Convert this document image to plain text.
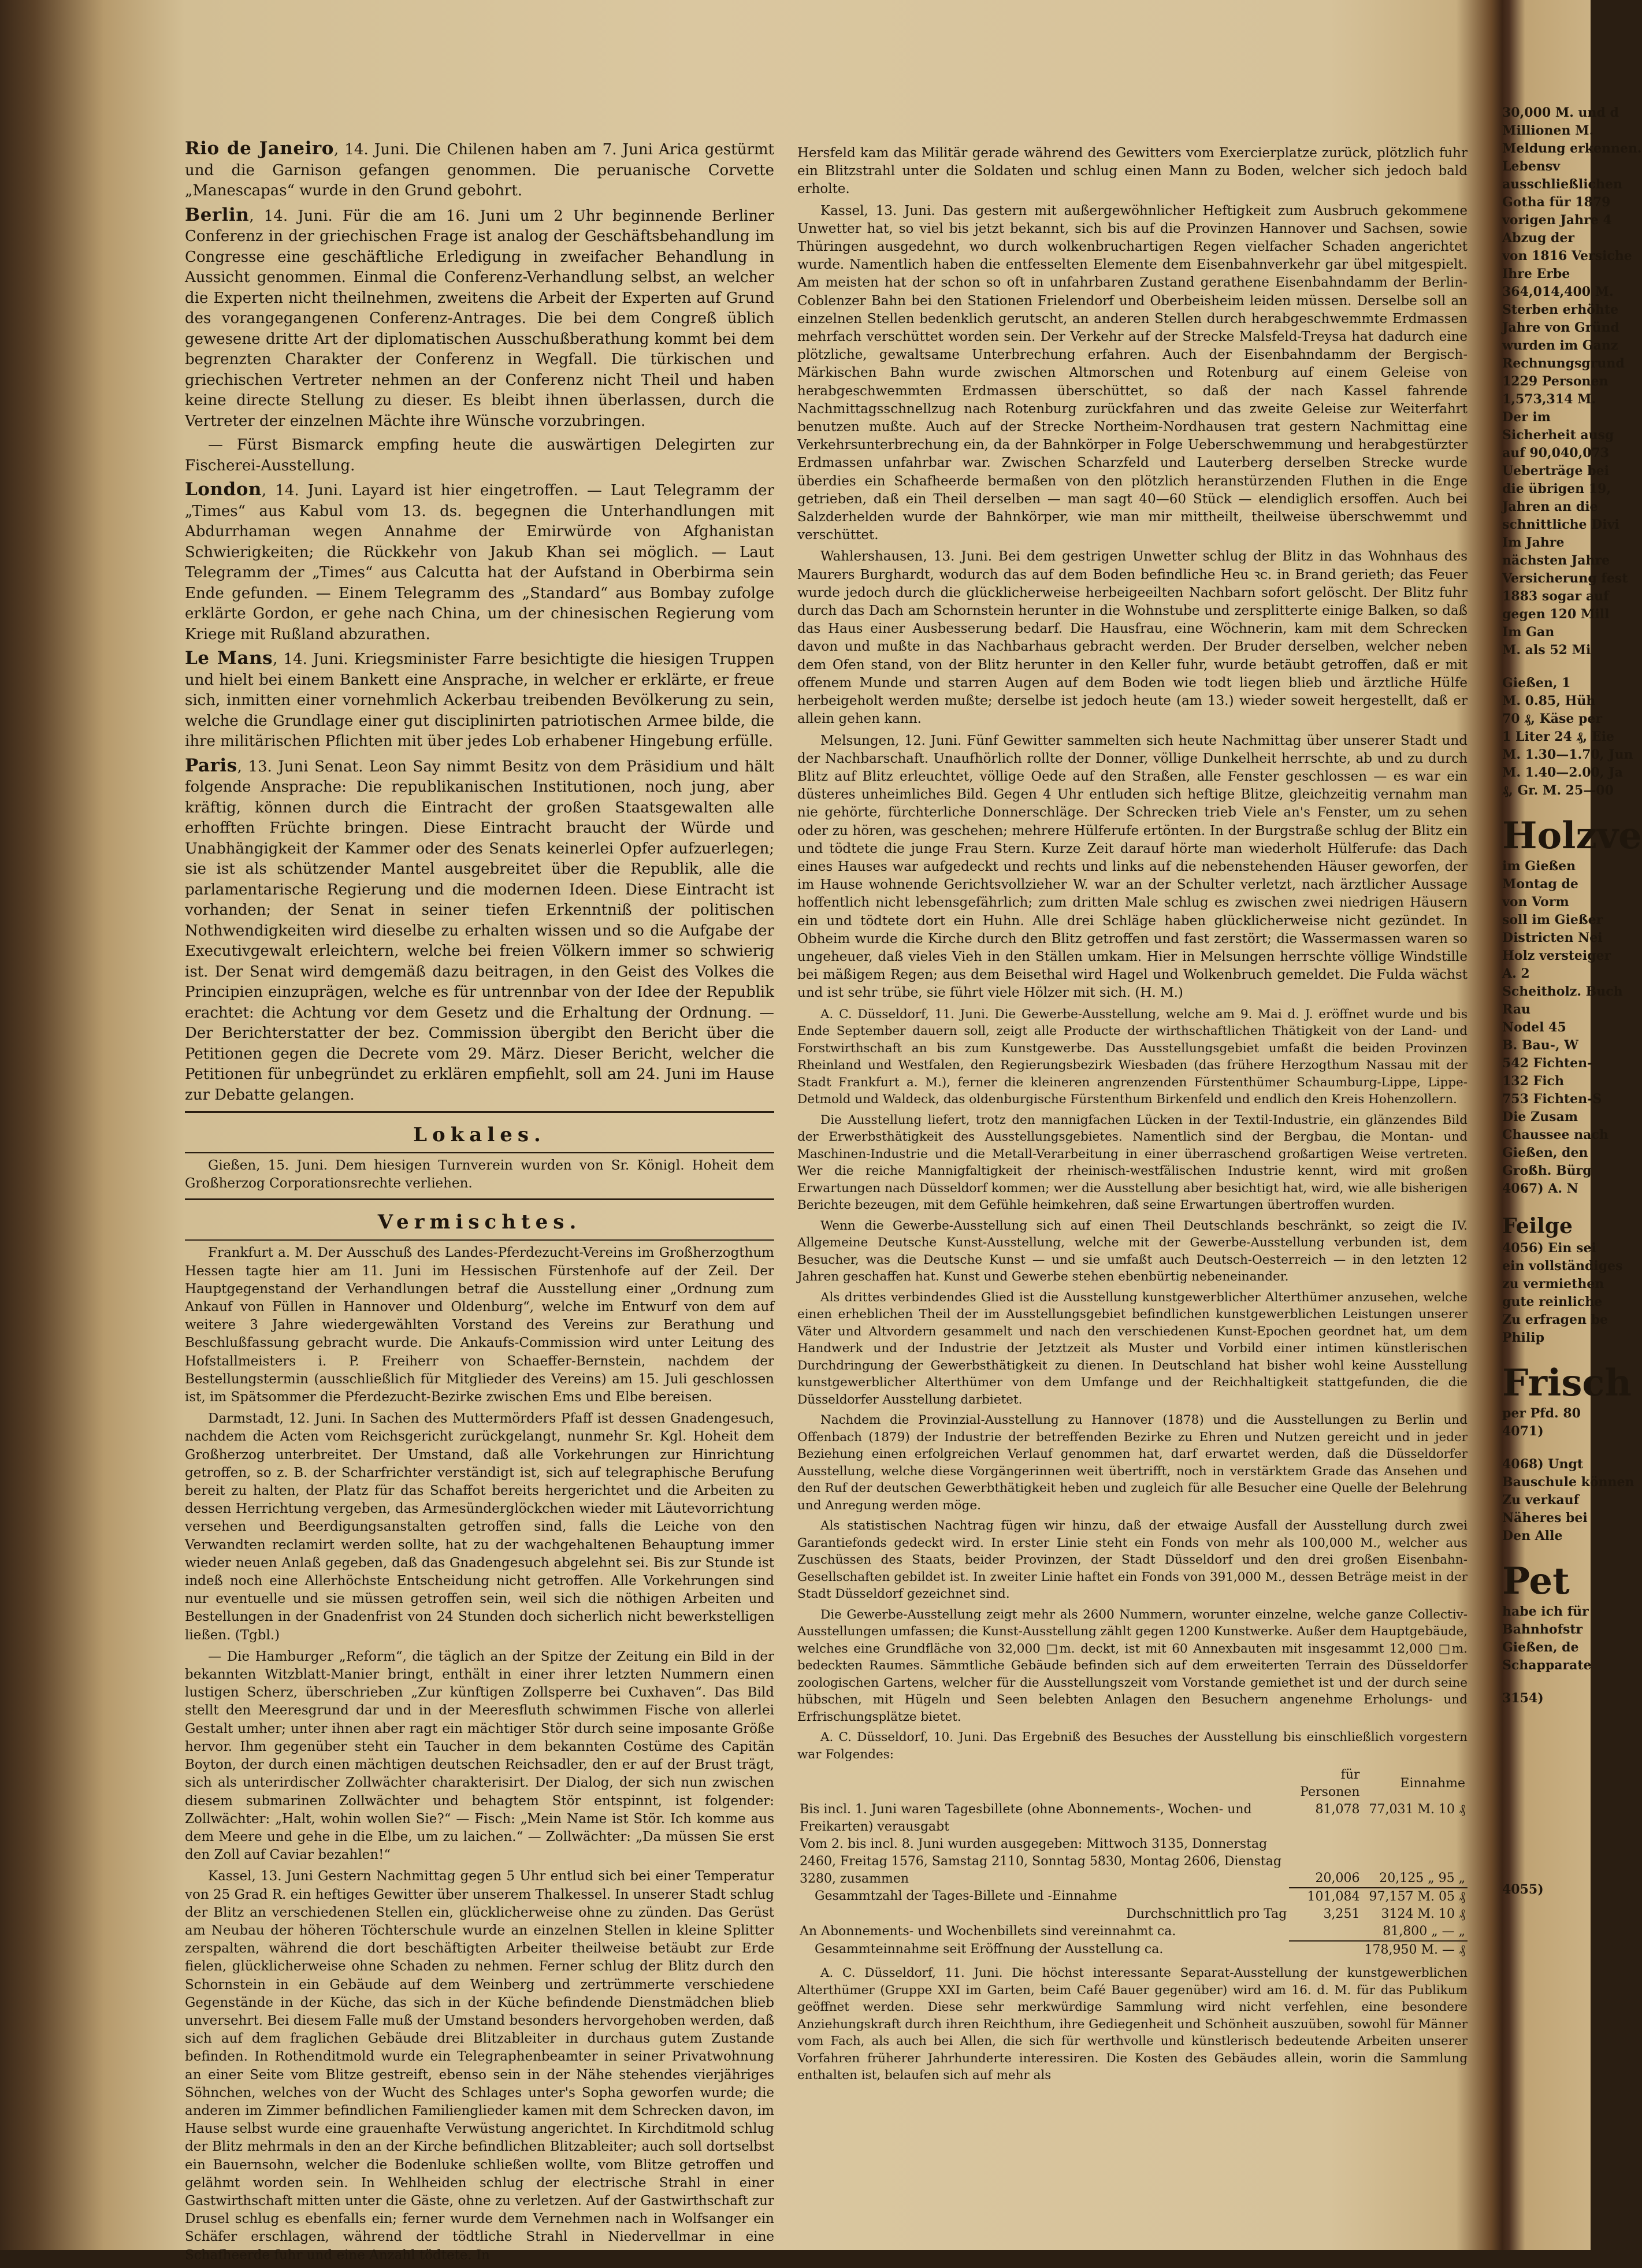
Rio de Janeiro, 14. Juni. Die Chilenen haben am 7. Juni Arica gestürmt und die Garnison gefangen genommen. Die peruanische Corvette „Manescapas“ wurde in den Grund gebohrt.

Berlin, 14. Juni. Für die am 16. Juni um 2 Uhr beginnende Berliner Conferenz in der griechischen Frage ist analog der Geschäftsbehandlung im Congresse eine geschäftliche Erledigung in zweifacher Behandlung in Aussicht genommen. Einmal die Conferenz-Verhandlung selbst, an welcher die Experten nicht theilnehmen, zweitens die Arbeit der Experten auf Grund des vorangegangenen Conferenz-Antrages. Die bei dem Congreß üblich gewesene dritte Art der diplomatischen Ausschußberathung kommt bei dem begrenzten Charakter der Conferenz in Wegfall. Die türkischen und griechischen Vertreter nehmen an der Conferenz nicht Theil und haben keine directe Stellung zu dieser. Es bleibt ihnen überlassen, durch die Vertreter der einzelnen Mächte ihre Wünsche vorzubringen.

— Fürst Bismarck empfing heute die auswärtigen Delegirten zur Fischerei-Ausstellung.

London, 14. Juni. Layard ist hier eingetroffen. — Laut Telegramm der „Times“ aus Kabul vom 13. ds. begegnen die Unterhandlungen mit Abdurrhaman wegen Annahme der Emirwürde von Afghanistan Schwierigkeiten; die Rückkehr von Jakub Khan sei möglich. — Laut Telegramm der „Times“ aus Calcutta hat der Aufstand in Oberbirma sein Ende gefunden. — Einem Telegramm des „Standard“ aus Bombay zufolge erklärte Gordon, er gehe nach China, um der chinesischen Regierung vom Kriege mit Rußland abzurathen.

Le Mans, 14. Juni. Kriegsminister Farre besichtigte die hiesigen Truppen und hielt bei einem Bankett eine Ansprache, in welcher er erklärte, er freue sich, inmitten einer vornehmlich Ackerbau treibenden Bevölkerung zu sein, welche die Grundlage einer gut disciplinirten patriotischen Armee bilde, die ihre militärischen Pflichten mit über jedes Lob erhabener Hingebung erfülle.

Paris, 13. Juni Senat. Leon Say nimmt Besitz von dem Präsidium und hält folgende Ansprache: Die republikanischen Institutionen, noch jung, aber kräftig, können durch die Eintracht der großen Staatsgewalten alle erhofften Früchte bringen. Diese Eintracht braucht der Würde und Unabhängigkeit der Kammer oder des Senats keinerlei Opfer aufzuerlegen; sie ist als schützender Mantel ausgebreitet über die Republik, alle die parlamentarische Regierung und die modernen Ideen. Diese Eintracht ist vorhanden; der Senat in seiner tiefen Erkenntniß der politischen Nothwendigkeiten wird dieselbe zu erhalten wissen und so die Aufgabe der Executivgewalt erleichtern, welche bei freien Völkern immer so schwierig ist. Der Senat wird demgemäß dazu beitragen, in den Geist des Volkes die Principien einzuprägen, welche es für untrennbar von der Idee der Republik erachtet: die Achtung vor dem Gesetz und die Erhaltung der Ordnung. — Der Berichterstatter der bez. Commission übergibt den Bericht über die Petitionen gegen die Decrete vom 29. März. Dieser Bericht, welcher die Petitionen für unbegründet zu erklären empfiehlt, soll am 24. Juni im Hause zur Debatte gelangen.

Lokales.

Gießen, 15. Juni. Dem hiesigen Turnverein wurden von Sr. Königl. Hoheit dem Großherzog Corporationsrechte verliehen.

Vermischtes.

Frankfurt a. M. Der Ausschuß des Landes-Pferdezucht-Vereins im Großherzogthum Hessen tagte hier am 11. Juni im Hessischen Fürstenhofe auf der Zeil. Der Hauptgegenstand der Verhandlungen betraf die Ausstellung einer „Ordnung zum Ankauf von Füllen in Hannover und Oldenburg“, welche im Entwurf von dem auf weitere 3 Jahre wiedergewählten Vorstand des Vereins zur Berathung und Beschlußfassung gebracht wurde. Die Ankaufs-Commission wird unter Leitung des Hofstallmeisters i. P. Freiherr von Schaeffer-Bernstein, nachdem der Bestellungstermin (ausschließlich für Mitglieder des Vereins) am 15. Juli geschlossen ist, im Spätsommer die Pferdezucht-Bezirke zwischen Ems und Elbe bereisen.

Darmstadt, 12. Juni. In Sachen des Muttermörders Pfaff ist dessen Gnadengesuch, nachdem die Acten vom Reichsgericht zurückgelangt, nunmehr Sr. Kgl. Hoheit dem Großherzog unterbreitet. Der Umstand, daß alle Vorkehrungen zur Hinrichtung getroffen, so z. B. der Scharfrichter verständigt ist, sich auf telegraphische Berufung bereit zu halten, der Platz für das Schaffot bereits hergerichtet und die Arbeiten zu dessen Herrichtung vergeben, das Armesünderglöckchen wieder mit Läutevorrichtung versehen und Beerdigungsanstalten getroffen sind, falls die Leiche von den Verwandten reclamirt werden sollte, hat zu der wachgehaltenen Behauptung immer wieder neuen Anlaß gegeben, daß das Gnadengesuch abgelehnt sei. Bis zur Stunde ist indeß noch eine Allerhöchste Entscheidung nicht getroffen. Alle Vorkehrungen sind nur eventuelle und sie müssen getroffen sein, weil sich die nöthigen Arbeiten und Bestellungen in der Gnadenfrist von 24 Stunden doch sicherlich nicht bewerkstelligen ließen. (Tgbl.)

— Die Hamburger „Reform“, die täglich an der Spitze der Zeitung ein Bild in der bekannten Witzblatt-Manier bringt, enthält in einer ihrer letzten Nummern einen lustigen Scherz, überschrieben „Zur künftigen Zollsperre bei Cuxhaven“. Das Bild stellt den Meeresgrund dar und in der Meeresfluth schwimmen Fische von allerlei Gestalt umher; unter ihnen aber ragt ein mächtiger Stör durch seine imposante Größe hervor. Ihm gegenüber steht ein Taucher in dem bekannten Costüme des Capitän Boyton, der durch einen mächtigen deutschen Reichsadler, den er auf der Brust trägt, sich als unterirdischer Zollwächter charakterisirt. Der Dialog, der sich nun zwischen diesem submarinen Zollwächter und behagtem Stör entspinnt, ist folgender: Zollwächter: „Halt, wohin wollen Sie?“ — Fisch: „Mein Name ist Stör. Ich komme aus dem Meere und gehe in die Elbe, um zu laichen.“ — Zollwächter: „Da müssen Sie erst den Zoll auf Caviar bezahlen!“

Kassel, 13. Juni Gestern Nachmittag gegen 5 Uhr entlud sich bei einer Temperatur von 25 Grad R. ein heftiges Gewitter über unserem Thalkessel. In unserer Stadt schlug der Blitz an verschiedenen Stellen ein, glücklicherweise ohne zu zünden. Das Gerüst am Neubau der höheren Töchterschule wurde an einzelnen Stellen in kleine Splitter zerspalten, während die dort beschäftigten Arbeiter theilweise betäubt zur Erde fielen, glücklicherweise ohne Schaden zu nehmen. Ferner schlug der Blitz durch den Schornstein in ein Gebäude auf dem Weinberg und zertrümmerte verschiedene Gegenstände in der Küche, das sich in der Küche befindende Dienstmädchen blieb unversehrt. Bei diesem Falle muß der Umstand besonders hervorgehoben werden, daß sich auf dem fraglichen Gebäude drei Blitzableiter in durchaus gutem Zustande befinden. In Rothenditmold wurde ein Telegraphenbeamter in seiner Privatwohnung an einer Seite vom Blitze gestreift, ebenso sein in der Nähe stehendes vierjähriges Söhnchen, welches von der Wucht des Schlages unter's Sopha geworfen wurde; die anderen im Zimmer befindlichen Familienglieder kamen mit dem Schrecken davon, im Hause selbst wurde eine grauenhafte Verwüstung angerichtet. In Kirchditmold schlug der Blitz mehrmals in den an der Kirche befindlichen Blitzableiter; auch soll dortselbst ein Bauernsohn, welcher die Bodenluke schließen wollte, vom Blitze getroffen und gelähmt worden sein. In Wehlheiden schlug der electrische Strahl in einer Gastwirthschaft mitten unter die Gäste, ohne zu verletzen. Auf der Gastwirthschaft zur Drusel schlug es ebenfalls ein; ferner wurde dem Vernehmen nach in Wolfsanger ein Schäfer erschlagen, während der tödtliche Strahl in Niedervellmar in eine Schafheerde fuhr und eine Anzahl tödtete. In

Hersfeld kam das Militär gerade während des Gewitters vom Exercierplatze zurück, plötzlich fuhr ein Blitzstrahl unter die Soldaten und schlug einen Mann zu Boden, welcher sich jedoch bald erholte.

Kassel, 13. Juni. Das gestern mit außergewöhnlicher Heftigkeit zum Ausbruch gekommene Unwetter hat, so viel bis jetzt bekannt, sich bis auf die Provinzen Hannover und Sachsen, sowie Thüringen ausgedehnt, wo durch wolkenbruchartigen Regen vielfacher Schaden angerichtet wurde. Namentlich haben die entfesselten Elemente dem Eisenbahnverkehr gar übel mitgespielt. Am meisten hat der schon so oft in unfahrbaren Zustand gerathene Eisenbahndamm der Berlin-Coblenzer Bahn bei den Stationen Frielendorf und Oberbeisheim leiden müssen. Derselbe soll an einzelnen Stellen bedenklich gerutscht, an anderen Stellen durch herabgeschwemmte Erdmassen mehrfach verschüttet worden sein. Der Verkehr auf der Strecke Malsfeld-Treysa hat dadurch eine plötzliche, gewaltsame Unterbrechung erfahren. Auch der Eisenbahndamm der Bergisch-Märkischen Bahn wurde zwischen Altmorschen und Rotenburg auf einem Geleise von herabgeschwemmten Erdmassen überschüttet, so daß der nach Kassel fahrende Nachmittagsschnellzug nach Rotenburg zurückfahren und das zweite Geleise zur Weiterfahrt benutzen mußte. Auch auf der Strecke Northeim-Nordhausen trat gestern Nachmittag eine Verkehrsunterbrechung ein, da der Bahnkörper in Folge Ueberschwemmung und herabgestürzter Erdmassen unfahrbar war. Zwischen Scharzfeld und Lauterberg derselben Strecke wurde überdies ein Schafheerde bermaßen von den plötzlich heranstürzenden Fluthen in die Enge getrieben, daß ein Theil derselben — man sagt 40—60 Stück — elendiglich ersoffen. Auch bei Salzderhelden wurde der Bahnkörper, wie man mir mittheilt, theilweise überschwemmt und verschüttet.

Wahlershausen, 13. Juni. Bei dem gestrigen Unwetter schlug der Blitz in das Wohnhaus des Maurers Burghardt, wodurch das auf dem Boden befindliche Heu ꝛc. in Brand gerieth; das Feuer wurde jedoch durch die glücklicherweise herbeigeeilten Nachbarn sofort gelöscht. Der Blitz fuhr durch das Dach am Schornstein herunter in die Wohnstube und zersplitterte einige Balken, so daß das Haus einer Ausbesserung bedarf. Die Hausfrau, eine Wöchnerin, kam mit dem Schrecken davon und mußte in das Nachbarhaus gebracht werden. Der Bruder derselben, welcher neben dem Ofen stand, von der Blitz herunter in den Keller fuhr, wurde betäubt getroffen, daß er mit offenem Munde und starren Augen auf dem Boden wie todt liegen blieb und ärztliche Hülfe herbeigeholt werden mußte; derselbe ist jedoch heute (am 13.) wieder soweit hergestellt, daß er allein gehen kann.

Melsungen, 12. Juni. Fünf Gewitter sammelten sich heute Nachmittag über unserer Stadt und der Nachbarschaft. Unaufhörlich rollte der Donner, völlige Dunkelheit herrschte, ab und zu durch Blitz auf Blitz erleuchtet, völlige Oede auf den Straßen, alle Fenster geschlossen — es war ein düsteres unheimliches Bild. Gegen 4 Uhr entluden sich heftige Blitze, gleichzeitig vernahm man nie gehörte, fürchterliche Donnerschläge. Der Schrecken trieb Viele an's Fenster, um zu sehen oder zu hören, was geschehen; mehrere Hülferufe ertönten. In der Burgstraße schlug der Blitz ein und tödtete die junge Frau Stern. Kurze Zeit darauf hörte man wiederholt Hülferufe: das Dach eines Hauses war aufgedeckt und rechts und links auf die nebenstehenden Häuser geworfen, der im Hause wohnende Gerichtsvollzieher W. war an der Schulter verletzt, nach ärztlicher Aussage hoffentlich nicht lebensgefährlich; zum dritten Male schlug es zwischen zwei niedrigen Häusern ein und tödtete dort ein Huhn. Alle drei Schläge haben glücklicherweise nicht gezündet. In Obheim wurde die Kirche durch den Blitz getroffen und fast zerstört; die Wassermassen waren so ungeheuer, daß vieles Vieh in den Ställen umkam. Hier in Melsungen herrschte völlige Windstille bei mäßigem Regen; aus dem Beisethal wird Hagel und Wolkenbruch gemeldet. Die Fulda wächst und ist sehr trübe, sie führt viele Hölzer mit sich. (H. M.)

A. C. Düsseldorf, 11. Juni. Die Gewerbe-Ausstellung, welche am 9. Mai d. J. eröffnet wurde und bis Ende September dauern soll, zeigt alle Producte der wirthschaftlichen Thätigkeit von der Land- und Forstwirthschaft an bis zum Kunstgewerbe. Das Ausstellungsgebiet umfaßt die beiden Provinzen Rheinland und Westfalen, den Regierungsbezirk Wiesbaden (das frühere Herzogthum Nassau mit der Stadt Frankfurt a. M.), ferner die kleineren angrenzenden Fürstenthümer Schaumburg-Lippe, Lippe-Detmold und Waldeck, das oldenburgische Fürstenthum Birkenfeld und endlich den Kreis Hohenzollern.

Die Ausstellung liefert, trotz den mannigfachen Lücken in der Textil-Industrie, ein glänzendes Bild der Erwerbsthätigkeit des Ausstellungsgebietes. Namentlich sind der Bergbau, die Montan- und Maschinen-Industrie und die Metall-Verarbeitung in einer überraschend großartigen Weise vertreten. Wer die reiche Mannigfaltigkeit der rheinisch-westfälischen Industrie kennt, wird mit großen Erwartungen nach Düsseldorf kommen; wer die Ausstellung aber besichtigt hat, wird, wie alle bisherigen Berichte bezeugen, mit dem Gefühle heimkehren, daß seine Erwartungen übertroffen wurden.

Wenn die Gewerbe-Ausstellung sich auf einen Theil Deutschlands beschränkt, so zeigt die IV. Allgemeine Deutsche Kunst-Ausstellung, welche mit der Gewerbe-Ausstellung verbunden ist, dem Besucher, was die Deutsche Kunst — und sie umfaßt auch Deutsch-Oesterreich — in den letzten 12 Jahren geschaffen hat. Kunst und Gewerbe stehen ebenbürtig nebeneinander.

Als drittes verbindendes Glied ist die Ausstellung kunstgewerblicher Alterthümer anzusehen, welche einen erheblichen Theil der im Ausstellungsgebiet befindlichen kunstgewerblichen Leistungen unserer Väter und Altvordern gesammelt und nach den verschiedenen Kunst-Epochen geordnet hat, um dem Handwerk und der Industrie der Jetztzeit als Muster und Vorbild einer intimen künstlerischen Durchdringung der Gewerbsthätigkeit zu dienen. In Deutschland hat bisher wohl keine Ausstellung kunstgewerblicher Alterthümer von dem Umfange und der Reichhaltigkeit stattgefunden, die die Düsseldorfer Ausstellung darbietet.

Nachdem die Provinzial-Ausstellung zu Hannover (1878) und die Ausstellungen zu Berlin und Offenbach (1879) der Industrie der betreffenden Bezirke zu Ehren und Nutzen gereicht und in jeder Beziehung einen erfolgreichen Verlauf genommen hat, darf erwartet werden, daß die Düsseldorfer Ausstellung, welche diese Vorgängerinnen weit übertrifft, noch in verstärktem Grade das Ansehen und den Ruf der deutschen Gewerbthätigkeit heben und zugleich für alle Besucher eine Quelle der Belehrung und Anregung werden möge.

Als statistischen Nachtrag fügen wir hinzu, daß der etwaige Ausfall der Ausstellung durch zwei Garantiefonds gedeckt wird. In erster Linie steht ein Fonds von mehr als 100,000 M., welcher aus Zuschüssen des Staats, beider Provinzen, der Stadt Düsseldorf und den drei großen Eisenbahn-Gesellschaften gebildet ist. In zweiter Linie haftet ein Fonds von 391,000 M., dessen Beträge meist in der Stadt Düsseldorf gezeichnet sind.

Die Gewerbe-Ausstellung zeigt mehr als 2600 Nummern, worunter einzelne, welche ganze Collectiv-Ausstellungen umfassen; die Kunst-Ausstellung zählt gegen 1200 Kunstwerke. Außer dem Hauptgebäude, welches eine Grundfläche von 32,000 □m. deckt, ist mit 60 Annexbauten mit insgesammt 12,000 □m. bedeckten Raumes. Sämmtliche Gebäude befinden sich auf dem erweiterten Terrain des Düsseldorfer zoologischen Gartens, welcher für die Ausstellungszeit vom Vorstande gemiethet ist und der durch seine hübschen, mit Hügeln und Seen belebten Anlagen den Besuchern angenehme Erholungs- und Erfrischungsplätze bietet.

A. C. Düsseldorf, 10. Juni. Das Ergebniß des Besuches der Ausstellung bis einschließlich vorgestern war Folgendes:

	für Personen	Einnahme
Bis incl. 1. Juni waren Tagesbillete (ohne Abonnements-, Wochen- und Freikarten) verausgabt	81,078	77,031 M. 10 ₰
Vom 2. bis incl. 8. Juni wurden ausgegeben: Mittwoch 3135, Donnerstag 2460, Freitag 1576, Samstag 2110, Sonntag 5830, Montag 2606, Dienstag 3280, zusammen	20,006	20,125 „ 95 „
Gesammtzahl der Tages-Billete und -Einnahme	101,084	97,157 M. 05 ₰
Durchschnittlich pro Tag	3,251	3124 M. 10 ₰
An Abonnements- und Wochenbillets sind vereinnahmt ca.		81,800 „ — „
Gesammteinnahme seit Eröffnung der Ausstellung ca.		178,950 M. — ₰

A. C. Düsseldorf, 11. Juni. Die höchst interessante Separat-Ausstellung der kunstgewerblichen Alterthümer (Gruppe XXI im Garten, beim Café Bauer gegenüber) wird am 16. d. M. für das Publikum geöffnet werden. Diese sehr merkwürdige Sammlung wird nicht verfehlen, eine besondere Anziehungskraft durch ihren Reichthum, ihre Gediegenheit und Schönheit auszuüben, sowohl für Männer vom Fach, als auch bei Allen, die sich für werthvolle und künstlerisch bedeutende Arbeiten unserer Vorfahren früherer Jahrhunderte interessiren. Die Kosten des Gebäudes allein, worin die Sammlung enthalten ist, belaufen sich auf mehr als

30,000 M. und d
Millionen M.
Meldung erkennen.
Lebensv
ausschließlichen
Gotha für 1879
vorigen Jahre 4
Abzug der
von 1816 Versiche
Ihre Erbe
364,014,400 M.
Sterben erhöhte
Jahre von Gründ
wurden im Ganz
Rechnungsgrund
1229 Personen
1,573,314 M.
Der im
Sicherheit ausg
auf 90,040,073
Ueberträge bei
die übrigen 19,
Jahren an die
schnittliche Divi
Im Jahre
nächsten Jahre
Versicherung fest
1883 sogar auf
gegen 120 Mill
Im Gan
M. als 52 Mi
Gießen, 1
M. 0.85, Hüh
70 ₰, Käse per
1 Liter 24 ₰, Eie
M. 1.30—1.70, Jun
M. 1.40—2.00, Ja
₰, Gr. M. 25—00
Holzve
im Gießen
Montag de
von Vorm
soll im Gießer
Districten Nei
Holz versteiger
A. 2
Scheitholz. Buch
Rau
Nodel 45
B. Bau-, W
542 Fichten-
132 Fich
753 Fichten-S
Die Zusam
Chaussee nach
Gießen, den
Großh. Bürg
4067) A. N
Feilge
4056) Ein sei
ein vollständiges
zu vermiethen
gute reinliche
Zu erfragen be
Philip
Frisch
per Pfd. 80
4071)
4068) Ungt
Bauschule können
Zu verkauf
Näheres bei
Den Alle
Pet
habe ich für
Bahnhofstr
Gießen, de
Schapparate
3154)
4055)
